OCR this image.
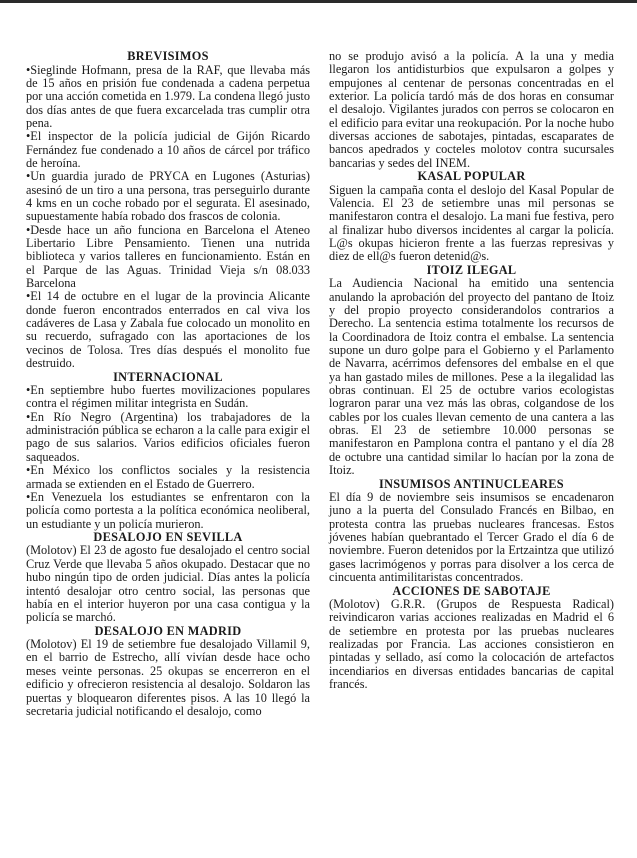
BREVISIMOS

•Sieglinde Hofmann, presa de la RAF, que llevaba más de 15 años en prisión fue condenada a cadena perpetua por una acción cometida en 1.979. La condena llegó justo dos días antes de que fuera excarcelada tras cumplir otra pena.

•El inspector de la policía judicial de Gijón Ricardo Fernández fue condenado a 10 años de cárcel por tráfico de heroína.

•Un guardia jurado de PRYCA en Lugones (Asturias) asesinó de un tiro a una persona, tras perseguirlo durante 4 kms en un coche robado por el segurata. El asesinado, supuestamente había robado dos frascos de colonia.

•Desde hace un año funciona en Barcelona el Ateneo Libertario Libre Pensamiento. Tienen una nutrida biblioteca y varios talleres en funcionamiento. Están en el Parque de las Aguas. Trinidad Vieja s/n 08.033 Barcelona

•El 14 de octubre en el lugar de la provincia Alicante donde fueron encontrados enterrados en cal viva los cadáveres de Lasa y Zabala fue colocado un monolito en su recuerdo, sufragado con las aportaciones de los vecinos de Tolosa. Tres días después el monolito fue destruido.

INTERNACIONAL

•En septiembre hubo fuertes movilizaciones populares contra el régimen militar integrista en Sudán.

•En Río Negro (Argentina) los trabajadores de la administración pública se echaron a la calle para exigir el pago de sus salarios. Varios edificios oficiales fueron saqueados.

•En México los conflictos sociales y la resistencia armada se extienden en el Estado de Guerrero.

•En Venezuela los estudiantes se enfrentaron con la policía como portesta a la política económica neoliberal, un estudiante y un policía murieron.

DESALOJO EN SEVILLA

(Molotov) El 23 de agosto fue desalojado el centro social Cruz Verde que llevaba 5 años okupado. Destacar que no hubo ningún tipo de orden judicial. Días antes la policía intentó desalojar otro centro social, las personas que había en el interior huyeron por una casa contigua y la policía se marchó.

DESALOJO EN MADRID

(Molotov) El 19 de setiembre fue desalojado Villamil 9, en el barrio de Estrecho, allí vivían desde hace ocho meses veinte personas. 25 okupas se encerreron en el edificio y ofrecieron resistencia al desalojo. Soldaron las puertas y bloquearon diferentes pisos. A las 10 llegó la secretaria judicial notificando el desalojo, como

no se produjo avisó a la policía. A la una y media llegaron los antidisturbios que expulsaron a golpes y empujones al centenar de personas concentradas en el exterior. La policía tardó más de dos horas en consumar el desalojo. Vigilantes jurados con perros se colocaron en el edificio para evitar una reokupación. Por la noche hubo diversas acciones de sabotajes, pintadas, escaparates de bancos apedrados y cocteles molotov contra sucursales bancarias y sedes del INEM.

KASAL POPULAR

Siguen la campaña conta el deslojo del Kasal Popular de Valencia. El 23 de setiembre unas mil personas se manifestaron contra el desalojo. La mani fue festiva, pero al finalizar hubo diversos incidentes al cargar la policía. L@s okupas hicieron frente a las fuerzas represivas y diez de ell@s fueron detenid@s.

ITOIZ ILEGAL

La Audiencia Nacional ha emitido una sentencia anulando la aprobación del proyecto del pantano de Itoiz y del propio proyecto considerandolos contrarios a Derecho. La sentencia estima totalmente los recursos de la Coordinadora de Itoiz contra el embalse. La sentencia supone un duro golpe para el Gobierno y el Parlamento de Navarra, acérrimos defensores del embalse en el que ya han gastado miles de millones. Pese a la ilegalidad las obras continuan. El 25 de octubre varios ecologistas lograron parar una vez más las obras, colgandose de los cables por los cuales llevan cemento de una cantera a las obras. El 23 de setiembre 10.000 personas se manifestaron en Pamplona contra el pantano y el día 28 de octubre una cantidad similar lo hacían por la zona de Itoiz.

INSUMISOS ANTINUCLEARES

El día 9 de noviembre seis insumisos se encadenaron juno a la puerta del Consulado Francés en Bilbao, en protesta contra las pruebas nucleares francesas. Estos jóvenes habían quebrantado el Tercer Grado el día 6 de noviembre. Fueron detenidos por la Ertzaintza que utilizó gases lacrimógenos y porras para disolver a los cerca de cincuenta antimilitaristas concentrados.

ACCIONES DE SABOTAJE

(Molotov) G.R.R. (Grupos de Respuesta Radical) reivindicaron varias acciones realizadas en Madrid el 6 de setiembre en protesta por las pruebas nucleares realizadas por Francia. Las acciones consistieron en pintadas y sellado, así como la colocación de artefactos incendiarios en diversas entidades bancarias de capital francés.
